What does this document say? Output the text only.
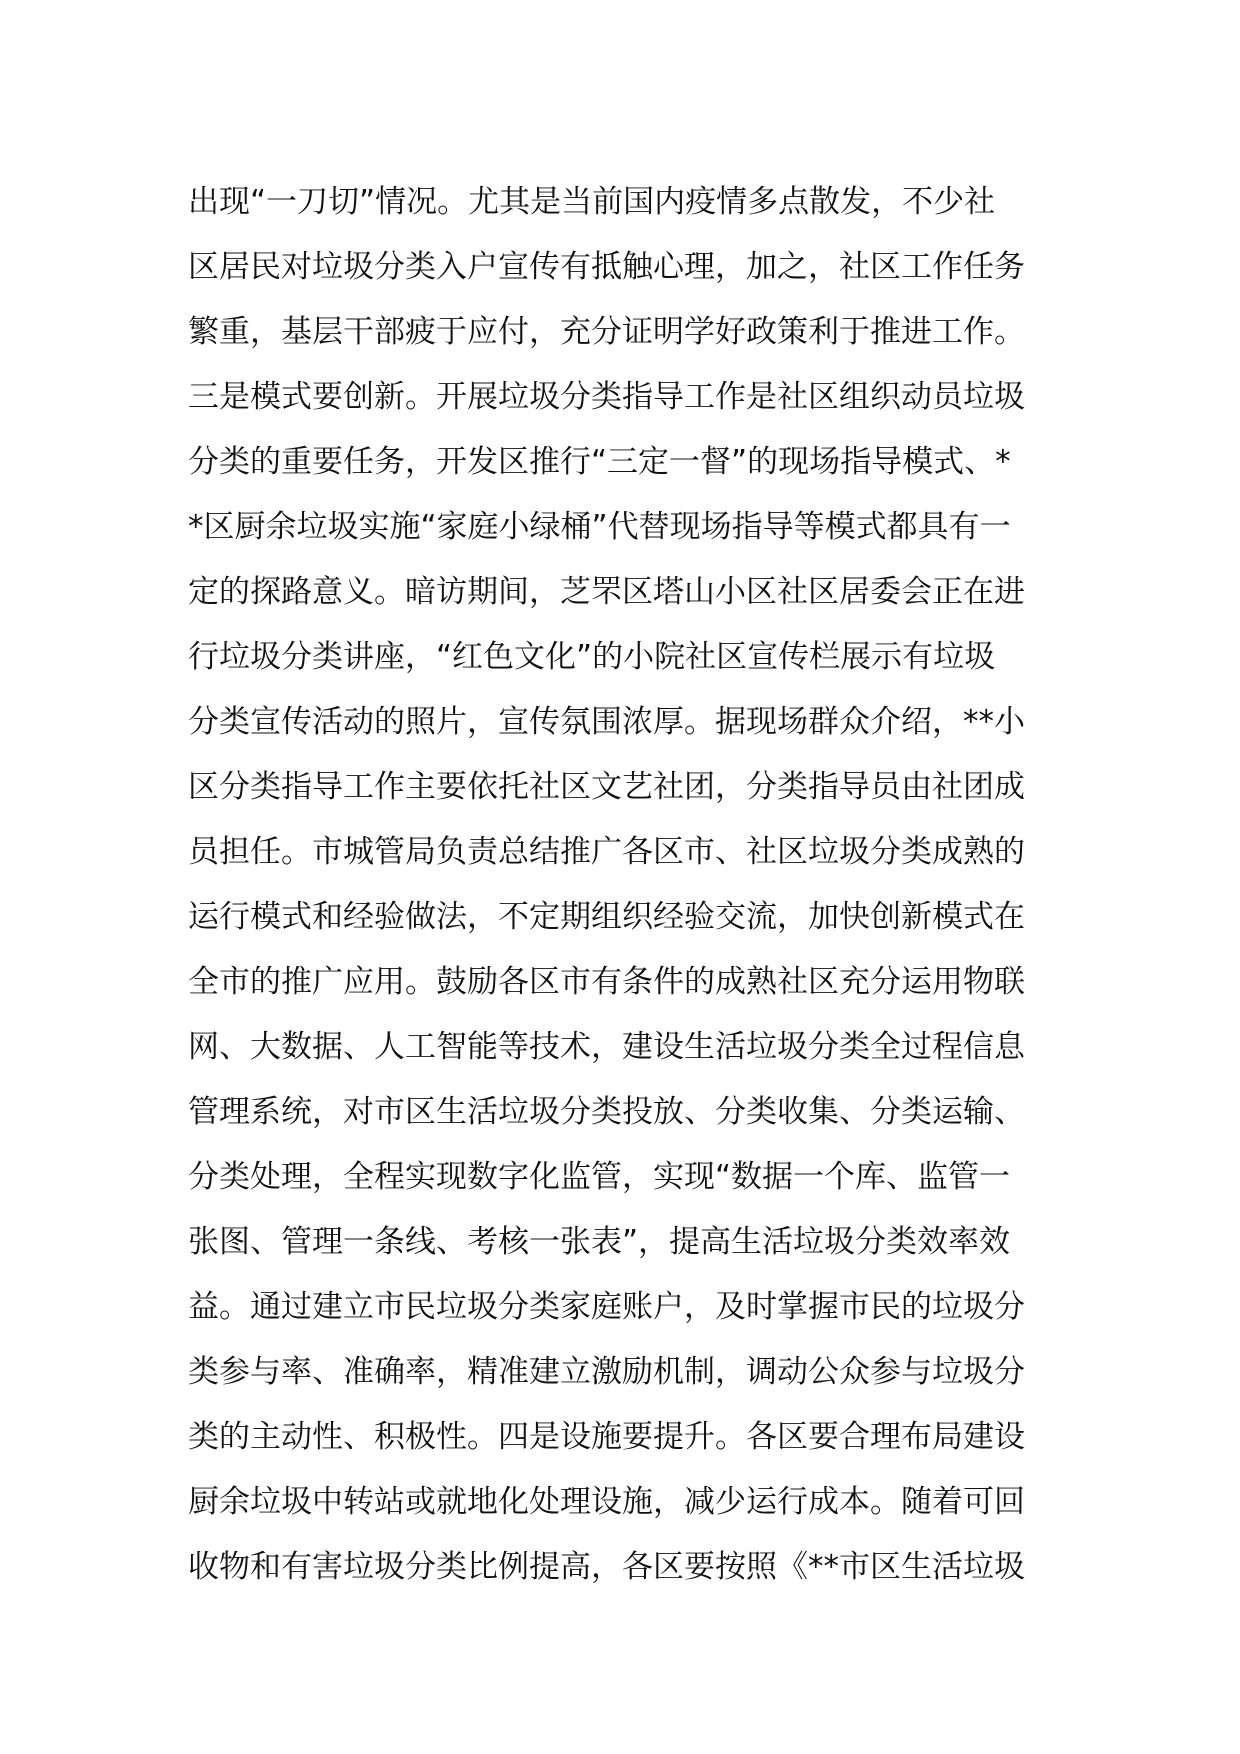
出现“一刀切”情况。尤其是当前国内疫情多点散发，不少社
区居民对垃圾分类入户宣传有抵触心理，加之，社区工作任务
繁重，基层干部疲于应付，充分证明学好政策利于推进工作。
三是模式要创新。开展垃圾分类指导工作是社区组织动员垃圾
分类的重要任务，开发区推行“三定一督”的现场指导模式、*
*区厨余垃圾实施“家庭小绿桶”代替现场指导等模式都具有一
定的探路意义。暗访期间，芝罘区塔山小区社区居委会正在进
行垃圾分类讲座，“红色文化”的小院社区宣传栏展示有垃圾
分类宣传活动的照片，宣传氛围浓厚。据现场群众介绍，**小
区分类指导工作主要依托社区文艺社团，分类指导员由社团成
员担任。市城管局负责总结推广各区市、社区垃圾分类成熟的
运行模式和经验做法，不定期组织经验交流，加快创新模式在
全市的推广应用。鼓励各区市有条件的成熟社区充分运用物联
网、大数据、人工智能等技术，建设生活垃圾分类全过程信息
管理系统，对市区生活垃圾分类投放、分类收集、分类运输、
分类处理，全程实现数字化监管，实现“数据一个库、监管一
张图、管理一条线、考核一张表”，提高生活垃圾分类效率效
益。通过建立市民垃圾分类家庭账户，及时掌握市民的垃圾分
类参与率、准确率，精准建立激励机制，调动公众参与垃圾分
类的主动性、积极性。四是设施要提升。各区要合理布局建设
厨余垃圾中转站或就地化处理设施，减少运行成本。随着可回
收物和有害垃圾分类比例提高，各区要按照《**市区生活垃圾
